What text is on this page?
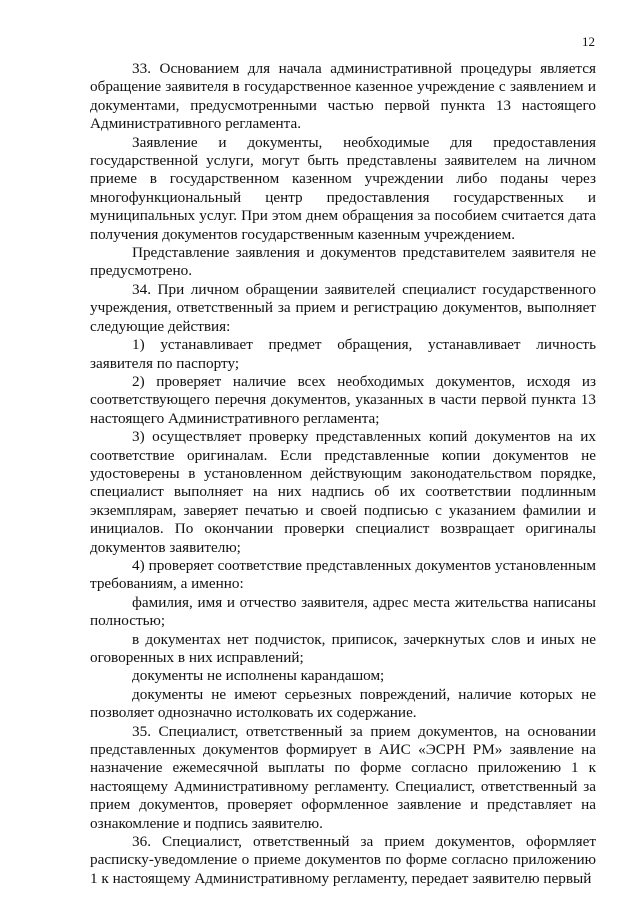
12

33. Основанием для начала административной процедуры является обращение заявителя в государственное казенное учреждение с заявлением и документами, предусмотренными частью первой пункта 13 настоящего Административного регламента.

Заявление и документы, необходимые для предоставления государственной услуги, могут быть представлены заявителем на личном приеме в государственном казенном учреждении либо поданы через многофункциональный центр предоставления государственных и муниципальных услуг. При этом днем обращения за пособием считается дата получения документов государственным казенным учреждением.

Представление заявления и документов представителем заявителя не предусмотрено.

34. При личном обращении заявителей специалист государственного учреждения, ответственный за прием и регистрацию документов, выполняет следующие действия:

1) устанавливает предмет обращения, устанавливает личность заявителя по паспорту;

2) проверяет наличие всех необходимых документов, исходя из соответствующего перечня документов, указанных в части первой пункта 13 настоящего Административного регламента;

3) осуществляет проверку представленных копий документов на их соответствие оригиналам. Если представленные копии документов не удостоверены в установленном действующим законодательством порядке, специалист выполняет на них надпись об их соответствии подлинным экземплярам, заверяет печатью и своей подписью с указанием фамилии и инициалов. По окончании проверки специалист возвращает оригиналы документов заявителю;

4) проверяет соответствие представленных документов установленным требованиям, а именно:

фамилия, имя и отчество заявителя, адрес места жительства написаны полностью;

в документах нет подчисток, приписок, зачеркнутых слов и иных не оговоренных в них исправлений;

документы не исполнены карандашом;

документы не имеют серьезных повреждений, наличие которых не позволяет однозначно истолковать их содержание.

35. Специалист, ответственный за прием документов, на основании представленных документов формирует в АИС «ЭСРН РМ» заявление на назначение ежемесячной выплаты по форме согласно приложению 1 к настоящему Административному регламенту. Специалист, ответственный за прием документов, проверяет оформленное заявление и представляет на ознакомление и подпись заявителю.

36. Специалист, ответственный за прием документов, оформляет расписку-уведомление о приеме документов по форме согласно приложению 1 к настоящему Административному регламенту, передает заявителю первый
